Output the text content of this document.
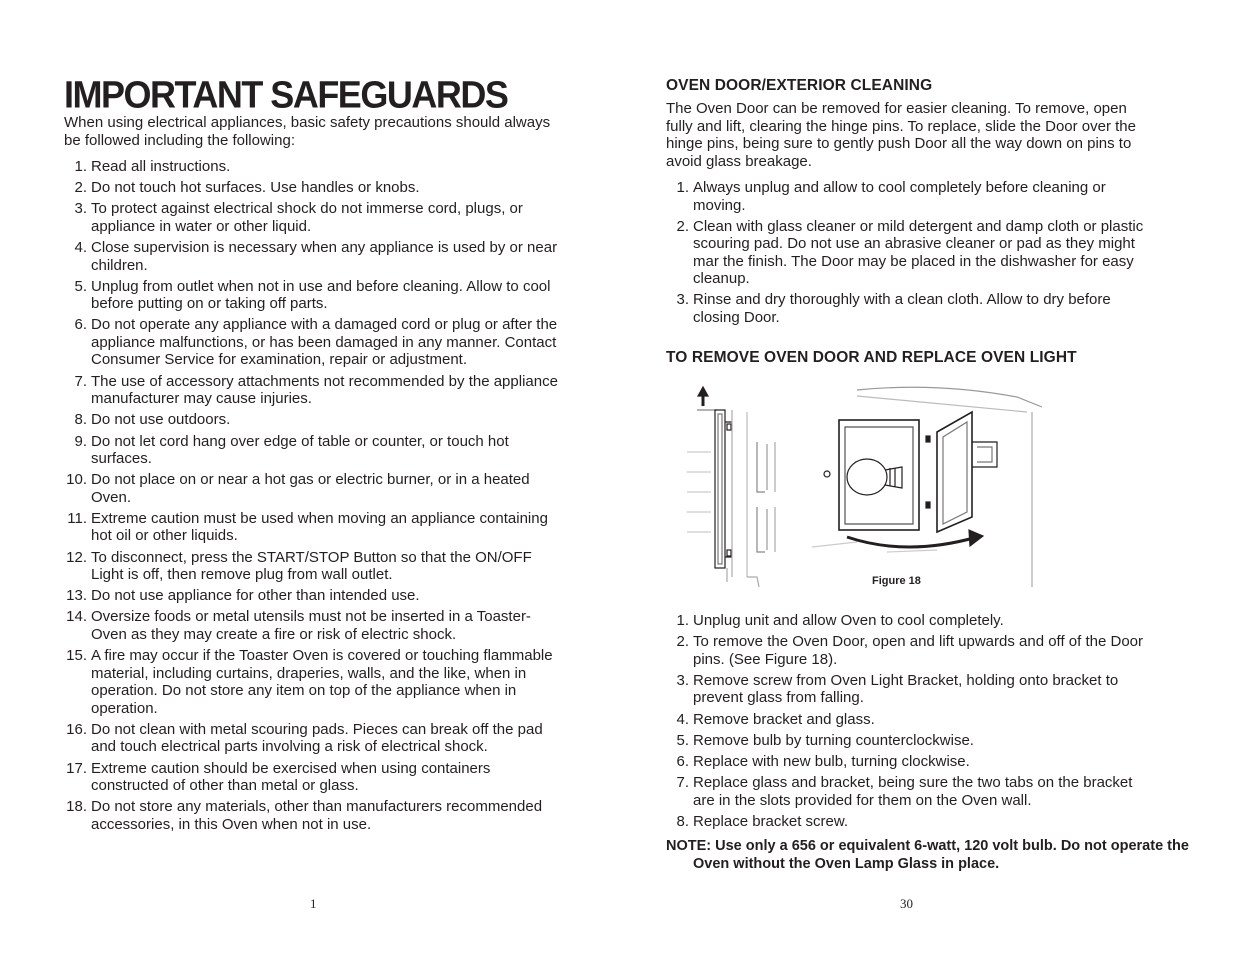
IMPORTANT SAFEGUARDS

When using electrical appliances, basic safety precautions should always be followed including the following:

1. Read all instructions.
2. Do not touch hot surfaces. Use handles or knobs.
3. To protect against electrical shock do not immerse cord, plugs, or appliance in water or other liquid.
4. Close supervision is necessary when any appliance is used by or near children.
5. Unplug from outlet when not in use and before cleaning. Allow to cool before putting on or taking off parts.
6. Do not operate any appliance with a damaged cord or plug or after the appliance malfunctions, or has been damaged in any manner. Contact Consumer Service for examination, repair or adjustment.
7. The use of accessory attachments not recommended by the appliance manufacturer may cause injuries.
8. Do not use outdoors.
9. Do not let cord hang over edge of table or counter, or touch hot surfaces.
10. Do not place on or near a hot gas or electric burner, or in a heated Oven.
11. Extreme caution must be used when moving an appliance containing hot oil or other liquids.
12. To disconnect, press the START/STOP Button so that the ON/OFF Light is off, then remove plug from wall outlet.
13. Do not use appliance for other than intended use.
14. Oversize foods or metal utensils must not be inserted in a Toaster-Oven as they may create a fire or risk of electric shock.
15. A fire may occur if the Toaster Oven is covered or touching flammable material, including curtains, draperies, walls, and the like, when in operation. Do not store any item on top of the appliance when in operation.
16. Do not clean with metal scouring pads. Pieces can break off the pad and touch electrical parts involving a risk of electrical shock.
17. Extreme caution should be exercised when using containers constructed of other than metal or glass.
18. Do not store any materials, other than manufacturers recommended accessories, in this Oven when not in use.

1

OVEN DOOR/EXTERIOR CLEANING

The Oven Door can be removed for easier cleaning. To remove, open fully and lift, clearing the hinge pins. To replace, slide the Door over the hinge pins, being sure to gently push Door all the way down on pins to avoid glass breakage.

1. Always unplug and allow to cool completely before cleaning or moving.
2. Clean with glass cleaner or mild detergent and damp cloth or plastic scouring pad. Do not use an abrasive cleaner or pad as they might mar the finish. The Door may be placed in the dishwasher for easy cleanup.
3. Rinse and dry thoroughly with a clean cloth. Allow to dry before closing Door.
TO REMOVE OVEN DOOR AND REPLACE OVEN LIGHT

Figure 18

1. Unplug unit and allow Oven to cool completely.
2. To remove the Oven Door, open and lift upwards and off of the Door pins. (See Figure 18).
3. Remove screw from Oven Light Bracket, holding onto bracket to prevent glass from falling.
4. Remove bracket and glass.
5. Remove bulb by turning counterclockwise.
6. Replace with new bulb, turning clockwise.
7. Replace glass and bracket, being sure the two tabs on the bracket are in the slots provided for them on the Oven wall.
8. Replace bracket screw.

NOTE: Use only a 656 or equivalent 6-watt, 120 volt bulb. Do not operate the Oven without the Oven Lamp Glass in place.

30
